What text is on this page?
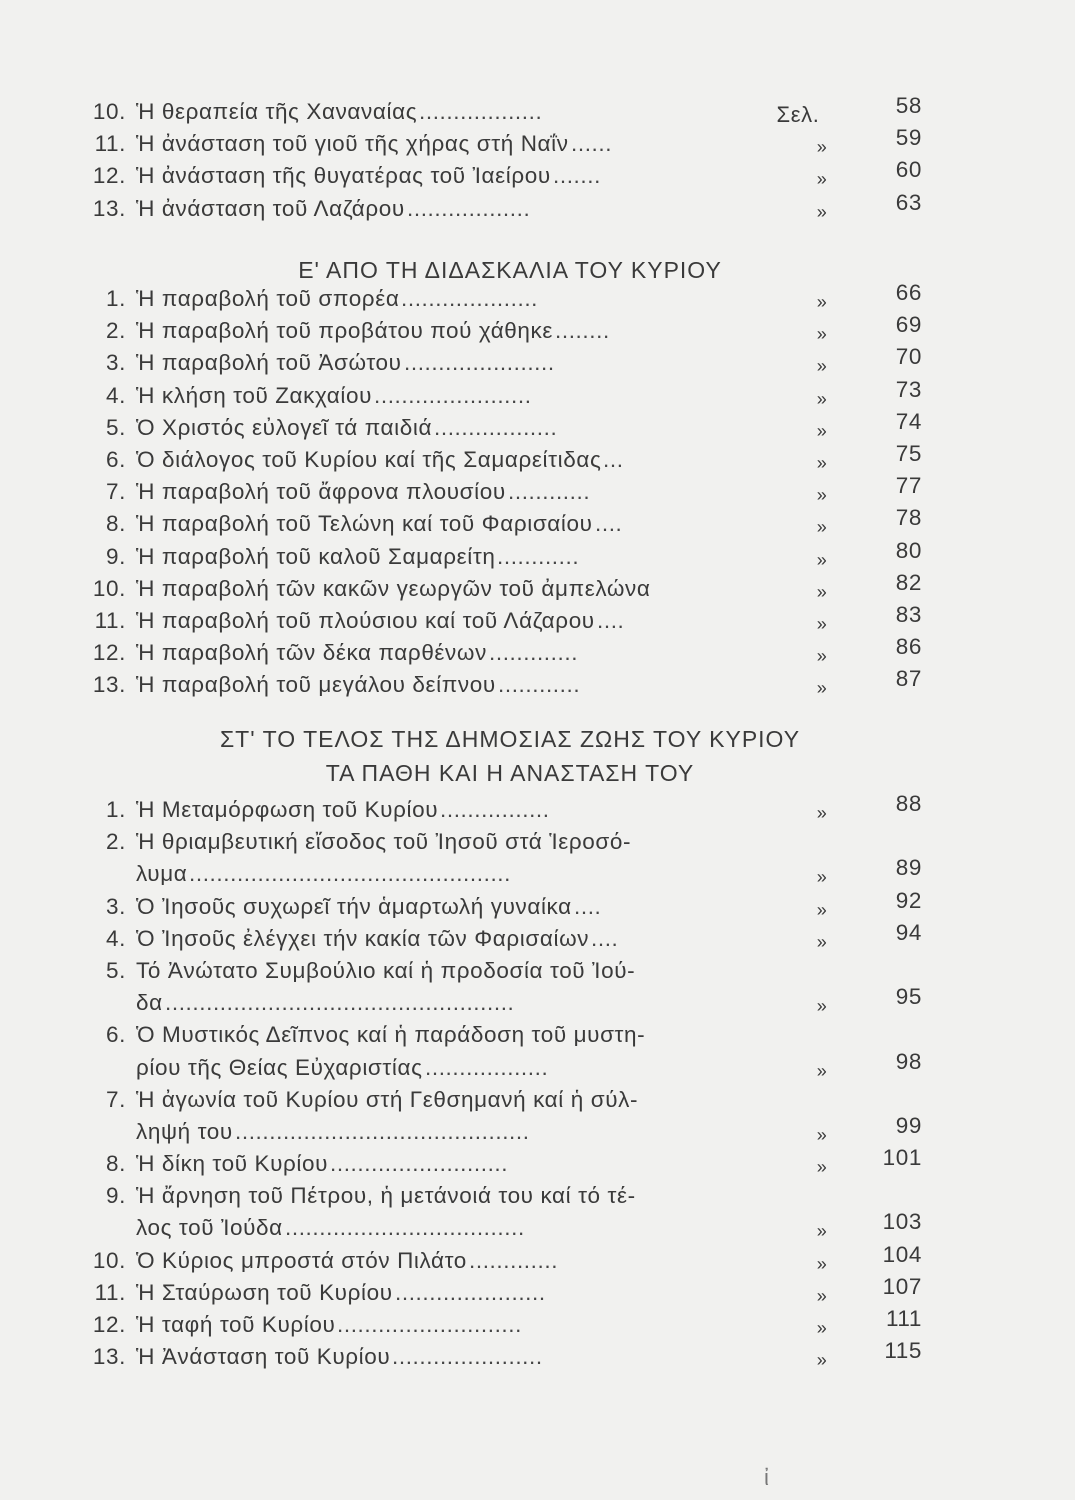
10. Ἡ θεραπεία τῆς Χαναναίας ..................	Σελ.	58
11. Ἡ ἀνάσταση τοῦ γιοῦ τῆς χήρας στή Ναΐν ......	»	59
12. Ἡ ἀνάσταση τῆς θυγατέρας τοῦ Ἰαείρου .......	»	60
13. Ἡ ἀνάσταση τοῦ Λαζάρου ..................	»	63
Ε' ΑΠΟ ΤΗ ΔΙΔΑΣΚΑΛΙΑ ΤΟΥ ΚΥΡΙΟΥ
1. Ἡ παραβολή τοῦ σπορέα ....................	»	66
2. Ἡ παραβολή τοῦ προβάτου πού χάθηκε ........	»	69
3. Ἡ παραβολή τοῦ Ἀσώτου ......................	»	70
4. Ἡ κλήση τοῦ Ζακχαίου .......................	»	73
5. Ὁ Χριστός εὐλογεῖ τά παιδιά ..................	»	74
6. Ὁ διάλογος τοῦ Κυρίου καί τῆς Σαμαρείτιδας ...	»	75
7. Ἡ παραβολή τοῦ ἄφρονα πλουσίου ............	»	77
8. Ἡ παραβολή τοῦ Τελώνη καί τοῦ Φαρισαίου ....	»	78
9. Ἡ παραβολή τοῦ καλοῦ Σαμαρείτη ............	»	80
10. Ἡ παραβολή τῶν κακῶν γεωργῶν τοῦ ἀμπελώνα	»	82
11. Ἡ παραβολή τοῦ πλούσιου καί τοῦ Λάζαρου ....	»	83
12. Ἡ παραβολή τῶν δέκα παρθένων .............	»	86
13. Ἡ παραβολή τοῦ μεγάλου δείπνου ............	»	87
ΣΤ' ΤΟ ΤΕΛΟΣ ΤΗΣ ΔΗΜΟΣΙΑΣ ΖΩΗΣ ΤΟΥ ΚΥΡΙΟΥ
ΤΑ ΠΑΘΗ ΚΑΙ Η ΑΝΑΣΤΑΣΗ ΤΟΥ
1. Ἡ Μεταμόρφωση τοῦ Κυρίου ................	»	88
2. Ἡ θριαμβευτική εἴσοδος τοῦ Ἰησοῦ στά Ἱεροσό-
λυμα ...............................................	»	89
3. Ὁ Ἰησοῦς συχωρεῖ τήν ἁμαρτωλή γυναίκα ....	»	92
4. Ὁ Ἰησοῦς ἐλέγχει τήν κακία τῶν Φαρισαίων ....	»	94
5. Τό Ἀνώτατο Συμβούλιο καί ἡ προδοσία τοῦ Ἰού-
δα ...................................................	»	95
6. Ὁ Μυστικός Δεῖπνος καί ἡ παράδοση τοῦ μυστη-
ρίου τῆς Θείας Εὐχαριστίας ..................	»	98
7. Ἡ ἀγωνία τοῦ Κυρίου στή Γεθσημανή καί ἡ σύλ-
ληψή του ...........................................	»	99
8. Ἡ δίκη τοῦ Κυρίου ..........................	»	101
9. Ἡ ἄρνηση τοῦ Πέτρου, ἡ μετάνοιά του καί τό τέ-
λος τοῦ Ἰούδα ...................................	»	103
10. Ὁ Κύριος μπροστά στόν Πιλάτο .............	»	104
11. Ἡ Σταύρωση τοῦ Κυρίου ......................	»	107
12. Ἡ ταφή τοῦ Κυρίου ...........................	»	111
13. Ἡ Ἀνάσταση τοῦ Κυρίου ......................	»	115
ἰ
